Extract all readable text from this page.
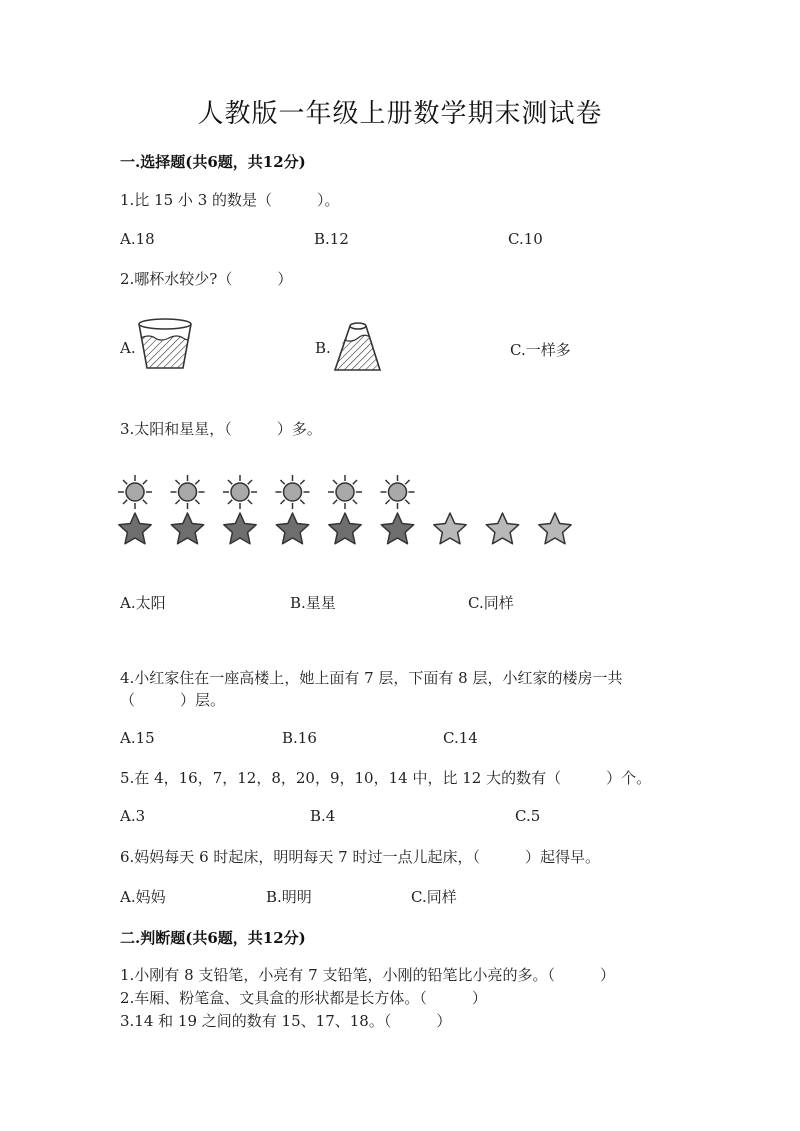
人教版一年级上册数学期末测试卷
一.选择题(共6题，共12分)
1.比 15 小 3 的数是（　　　）。
A.18	B.12	C.10
2.哪杯水较少?（　　　）
A.	B.	C.一样多
3.太阳和星星，（　　　）多。
A.太阳	B.星星	C.同样
4.小红家住在一座高楼上，她上面有 7 层，下面有 8 层，小红家的楼房一共
（　　　）层。
A.15	B.16	C.14
5.在 4，16，7，12，8，20，9，10，14 中，比 12 大的数有（　　　）个。
A.3	B.4	C.5
6.妈妈每天 6 时起床，明明每天 7 时过一点儿起床，（　　　）起得早。
A.妈妈	B.明明	C.同样
二.判断题(共6题，共12分)
1.小刚有 8 支铅笔，小亮有 7 支铅笔，小刚的铅笔比小亮的多。（　　　）
2.车厢、粉笔盒、文具盒的形状都是长方体。（　　　）
3.14 和 19 之间的数有 15、17、18。（　　　）
